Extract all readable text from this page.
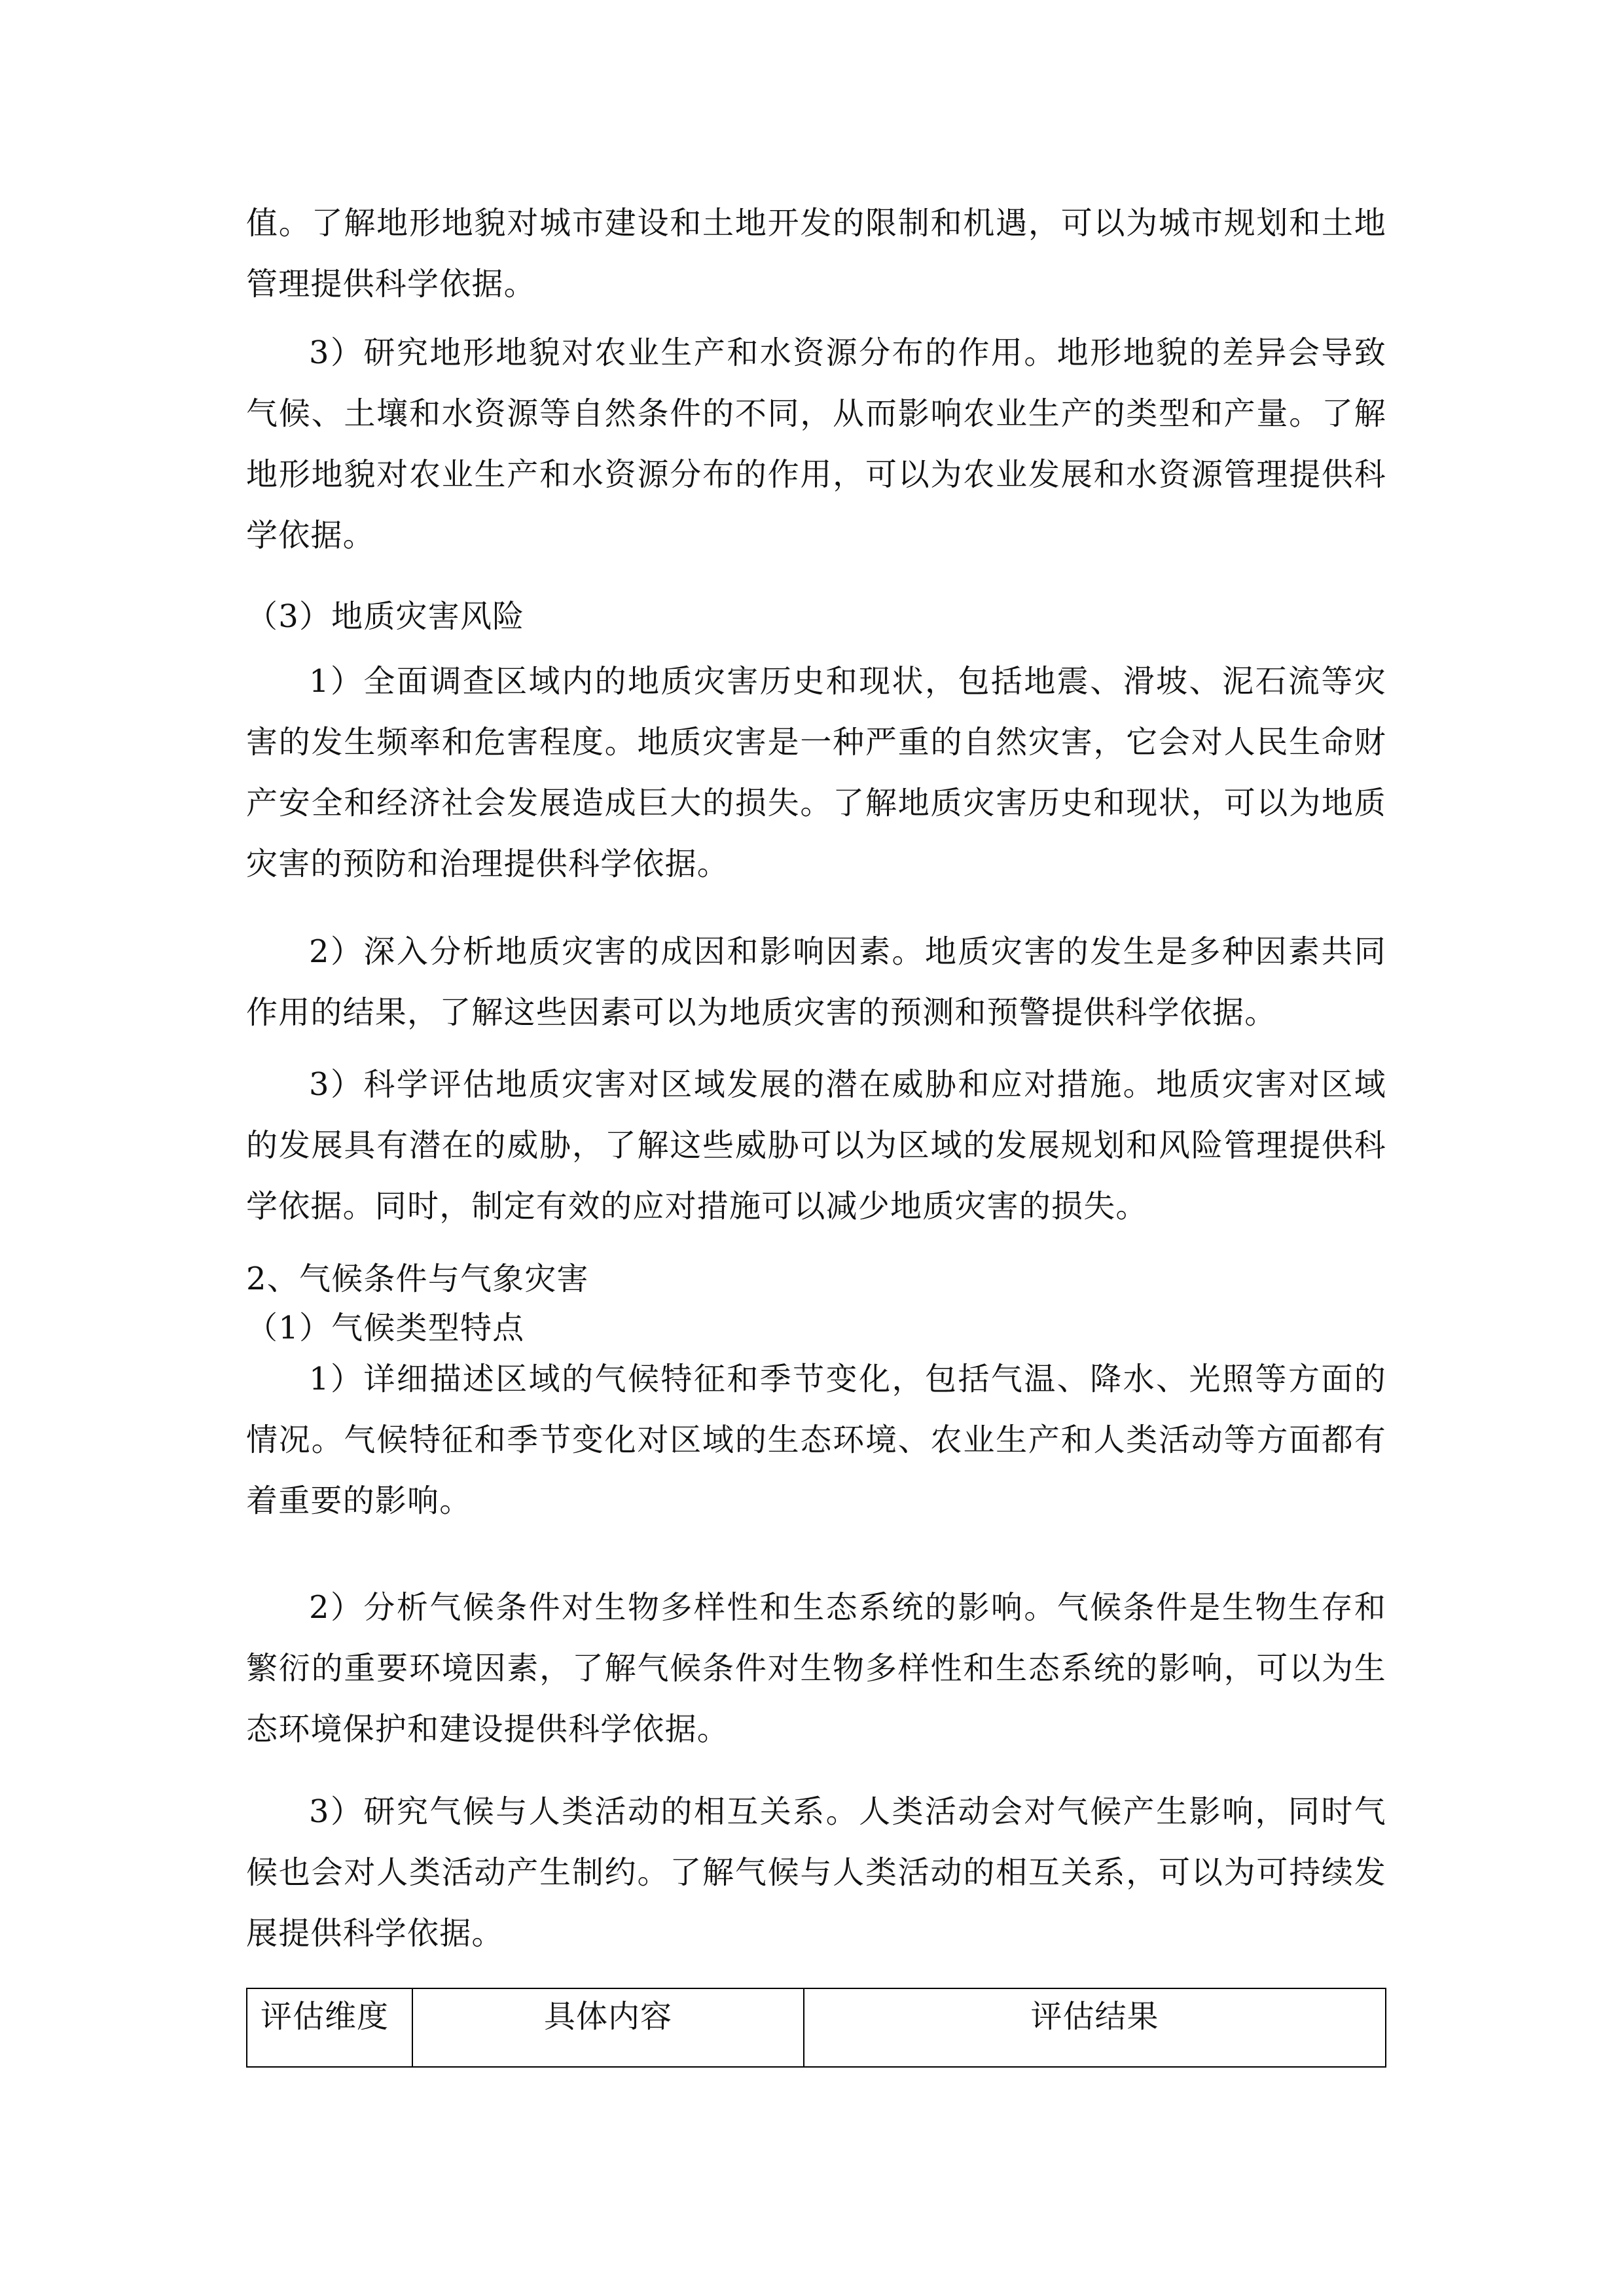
值。了解地形地貌对城市建设和土地开发的限制和机遇，可以为城市规划和土地管理提供科学依据。

3）研究地形地貌对农业生产和水资源分布的作用。地形地貌的差异会导致气候、土壤和水资源等自然条件的不同，从而影响农业生产的类型和产量。了解地形地貌对农业生产和水资源分布的作用，可以为农业发展和水资源管理提供科学依据。

（3）地质灾害风险

1）全面调查区域内的地质灾害历史和现状，包括地震、滑坡、泥石流等灾害的发生频率和危害程度。地质灾害是一种严重的自然灾害，它会对人民生命财产安全和经济社会发展造成巨大的损失。了解地质灾害历史和现状，可以为地质灾害的预防和治理提供科学依据。

2）深入分析地质灾害的成因和影响因素。地质灾害的发生是多种因素共同作用的结果，了解这些因素可以为地质灾害的预测和预警提供科学依据。

3）科学评估地质灾害对区域发展的潜在威胁和应对措施。地质灾害对区域的发展具有潜在的威胁，了解这些威胁可以为区域的发展规划和风险管理提供科学依据。同时，制定有效的应对措施可以减少地质灾害的损失。

2、气候条件与气象灾害

（1）气候类型特点

1）详细描述区域的气候特征和季节变化，包括气温、降水、光照等方面的情况。气候特征和季节变化对区域的生态环境、农业生产和人类活动等方面都有着重要的影响。

2）分析气候条件对生物多样性和生态系统的影响。气候条件是生物生存和繁衍的重要环境因素，了解气候条件对生物多样性和生态系统的影响，可以为生态环境保护和建设提供科学依据。

3）研究气候与人类活动的相互关系。人类活动会对气候产生影响，同时气候也会对人类活动产生制约。了解气候与人类活动的相互关系，可以为可持续发展提供科学依据。

评估维度	具体内容	评估结果
